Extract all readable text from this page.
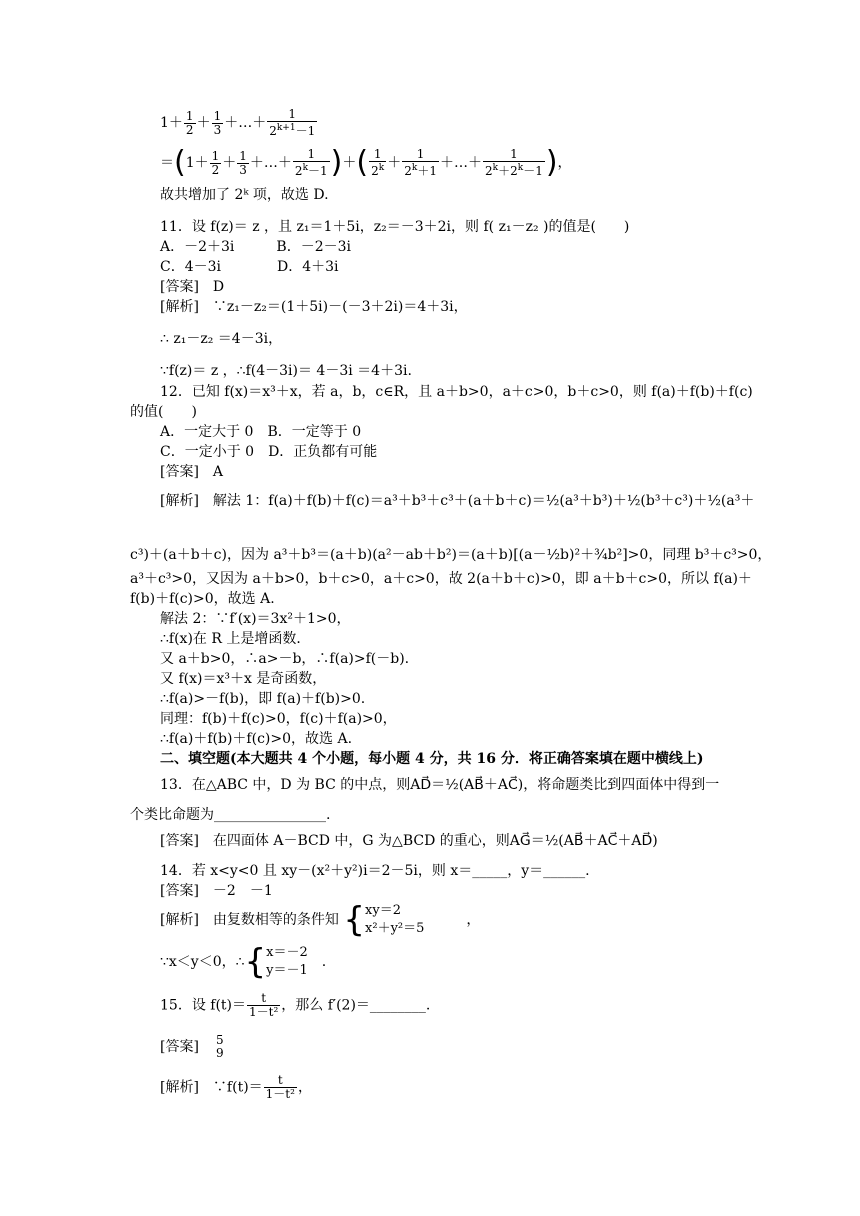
$1+ \frac{1}{2} + \frac{1}{3}$ ＋…＋ $\frac{1}{2^{k+1}-1}$
$=(1+ \frac{1}{2} + \frac{1}{3}$ ＋…＋ $\frac{1}{2^k-1}$ )＋( $\frac{1}{2^k} + \frac{1}{2^k+1}$ ＋…＋ $\frac{1}{2^k+2^k-1}$ )，
故共增加了 2ᵏ 项，故选 D.
11．设 f(z)＝ z ，且 z₁＝1＋5i，z₂＝－3＋2i，则 f( z₁－z₂ )的值是(　　)
A．－2＋3i　　　B．－2－3i
C．4－3i　　　　D．4＋3i
[答案]　D
[解析]　∵z₁－z₂＝(1＋5i)－(－3＋2i)＝4＋3i，
∴ z₁－z₂ ＝4－3i，
∵f(z)＝ z ，∴f(4－3i)＝ 4－3i ＝4＋3i.
12．已知 f(x)＝x³＋x，若 a，b，c∈R，且 a＋b>0，a＋c>0，b＋c>0，则 f(a)＋f(b)＋f(c)
的值(　　)
A．一定大于 0　B．一定等于 0
C．一定小于 0　D．正负都有可能
[答案]　A
[解析]　解法 1：f(a)＋f(b)＋f(c)＝a³＋b³＋c³＋(a＋b＋c)＝½(a³＋b³)＋½(b³＋c³)＋½(a³＋
c³)＋(a＋b＋c)，因为 a³＋b³＝(a＋b)(a²－ab＋b²)＝(a＋b)[(a－½b)²＋¾b²]>0，同理 b³＋c³>0，
a³＋c³>0，又因为 a＋b>0，b＋c>0，a＋c>0，故 2(a＋b＋c)>0，即 a＋b＋c>0，所以 f(a)＋
f(b)＋f(c)>0，故选 A.
解法 2：∵f′(x)＝3x²＋1>0，
∴f(x)在 R 上是增函数．
又 a＋b>0，∴a>－b，∴f(a)>f(－b).
又 f(x)＝x³＋x 是奇函数，
∴f(a)>－f(b)，即 f(a)＋f(b)>0.
同理：f(b)＋f(c)>0，f(c)＋f(a)>0，
∴f(a)＋f(b)＋f(c)>0，故选 A.
二、填空题(本大题共 4 个小题，每小题 4 分，共 16 分．将正确答案填在题中横线上)
13．在△ABC 中，D 为 BC 的中点，则AD⃗＝½(AB⃗＋AC⃗)，将命题类比到四面体中得到一
个类比命题为________________.
[答案]　在四面体 A－BCD 中，G 为△BCD 的重心，则AG⃗＝½(AB⃗＋AC⃗＋AD⃗)
14．若 x<y<0 且 xy－(x²＋y²)i＝2－5i，则 x＝_____，y＝______.
[答案]　－2　－1
[解析]　由复数相等的条件知 { xy＝2
x²＋y²＝5
　　　，
∵x＜y＜0，∴{ x＝－2
y＝－1
　.
15．设 $f(t)= \frac{t}{\text{1－t²}}$ ，那么 f′(2)＝________.
[答案]　 5
9
[解析]　∵f(t)＝ $\frac{t}{\text{1－t²}}$ ，
